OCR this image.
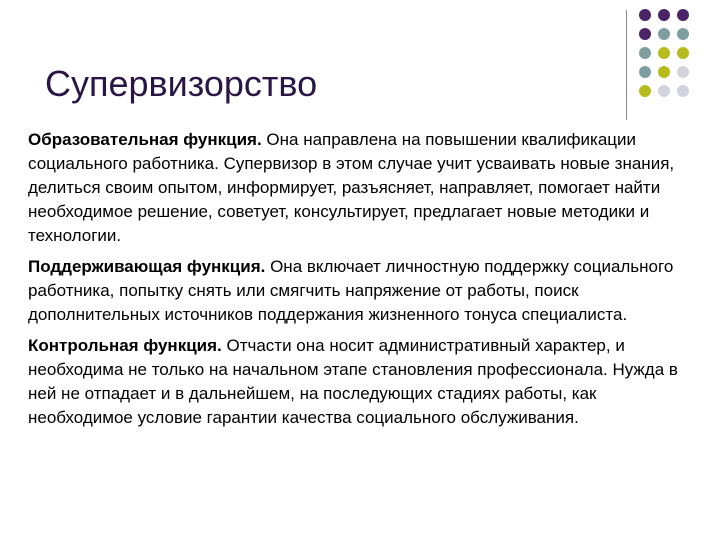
Супервизорство

Образовательная функция. Она направлена на повышении квалификации социального работника. Супервизор в этом случае учит усваивать новые знания, делиться своим опытом, информирует, разъясняет, направляет, помогает найти необходимое решение, советует, консультирует, предлагает новые методики и технологии.

Поддерживающая функция. Она включает личностную поддержку социального работника, попытку снять или смягчить напряжение от работы, поиск дополнительных источников поддержания жизненного тонуса специалиста.

Контрольная функция. Отчасти она носит административный характер, и необходима не только на начальном этапе становления профессионала. Нужда в ней не отпадает и в дальнейшем, на последующих стадиях работы, как необходимое условие гарантии качества социального обслуживания.
